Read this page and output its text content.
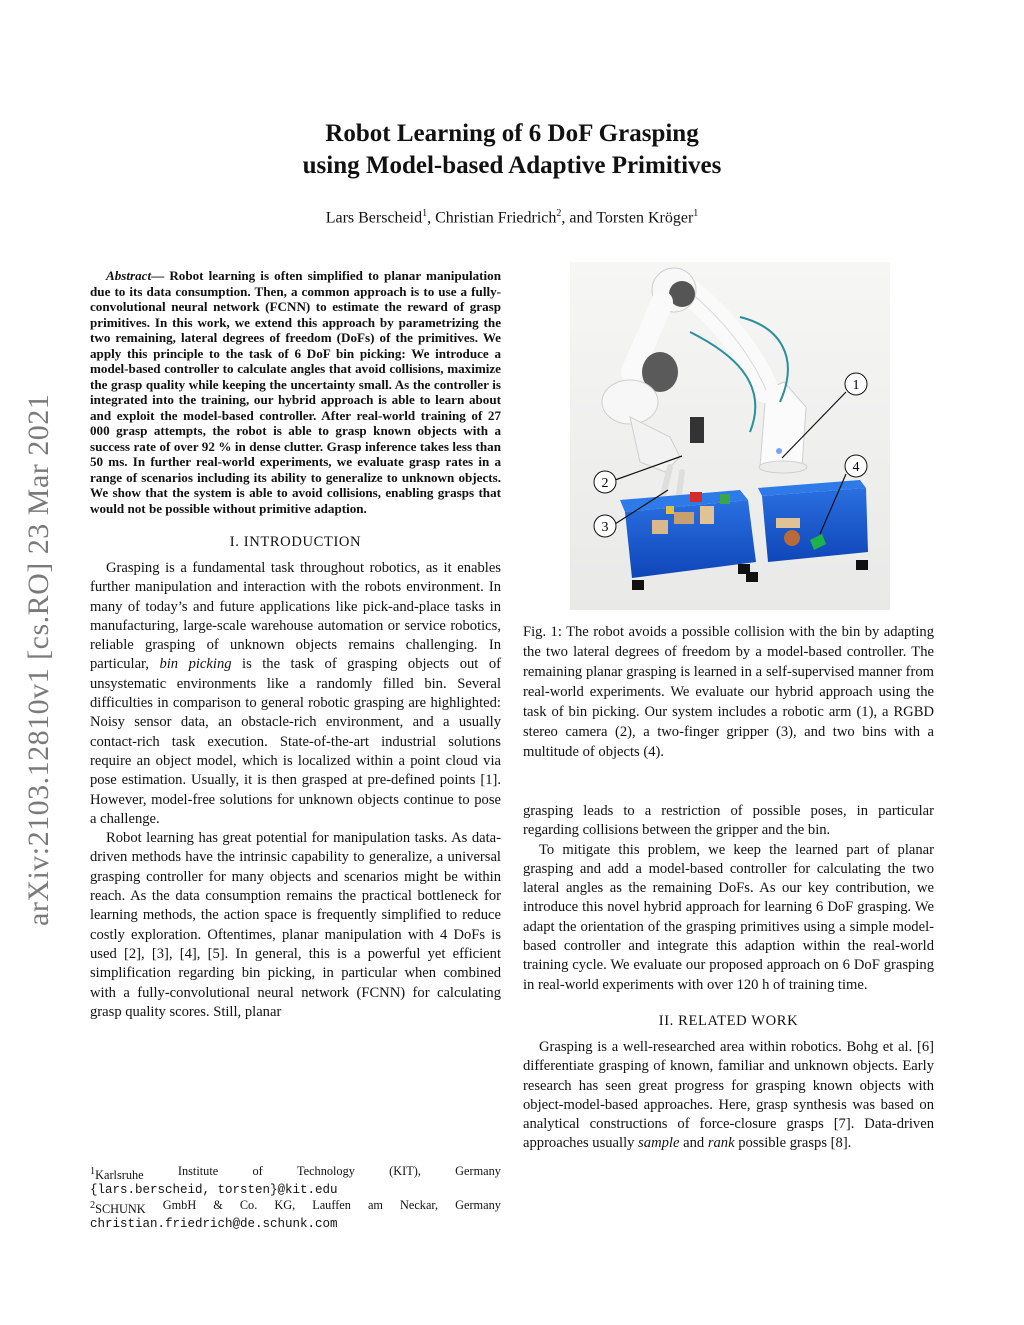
arXiv:2103.12810v1 [cs.RO] 23 Mar 2021
Robot Learning of 6 DoF Grasping
using Model-based Adaptive Primitives

Lars Berscheid$^1$, Christian Friedrich$^2$, and Torsten Kröger$^1$

Abstract— Robot learning is often simplified to planar manipulation due to its data consumption. Then, a common approach is to use a fully-convolutional neural network (FCNN) to estimate the reward of grasp primitives. In this work, we extend this approach by parametrizing the two remaining, lateral degrees of freedom (DoFs) of the primitives. We apply this principle to the task of 6 DoF bin picking: We introduce a model-based controller to calculate angles that avoid collisions, maximize the grasp quality while keeping the uncertainty small. As the controller is integrated into the training, our hybrid approach is able to learn about and exploit the model-based controller. After real-world training of 27 000 grasp attempts, the robot is able to grasp known objects with a success rate of over 92 % in dense clutter. Grasp inference takes less than 50 ms. In further real-world experiments, we evaluate grasp rates in a range of scenarios including its ability to generalize to unknown objects. We show that the system is able to avoid collisions, enabling grasps that would not be possible without primitive adaption.

I. INTRODUCTION

Grasping is a fundamental task throughout robotics, as it enables further manipulation and interaction with the robots environment. In many of today’s and future applications like pick-and-place tasks in manufacturing, large-scale warehouse automation or service robotics, reliable grasping of unknown objects remains challenging. In particular, bin picking is the task of grasping objects out of unsystematic environments like a randomly filled bin. Several difficulties in comparison to general robotic grasping are highlighted: Noisy sensor data, an obstacle-rich environment, and a usually contact-rich task execution. State-of-the-art industrial solutions require an object model, which is localized within a point cloud via pose estimation. Usually, it is then grasped at pre-defined points [1]. However, model-free solutions for unknown objects continue to pose a challenge.

Robot learning has great potential for manipulation tasks. As data-driven methods have the intrinsic capability to generalize, a universal grasping controller for many objects and scenarios might be within reach. As the data consumption remains the practical bottleneck for learning methods, the action space is frequently simplified to reduce costly exploration. Oftentimes, planar manipulation with 4 DoFs is used [2], [3], [4], [5]. In general, this is a powerful yet efficient simplification regarding bin picking, in particular when combined with a fully-convolutional neural network (FCNN) for calculating grasp quality scores. Still, planar

$^1$Karlsruhe	Institute	of	Technology	(KIT),	Germany
{lars.berscheid, torsten}@kit.edu
$^2$SCHUNK GmbH & Co. KG, Lauffen am Neckar, Germany
christian.friedrich@de.schunk.com
1
4
2
3

Fig. 1: The robot avoids a possible collision with the bin by adapting the two lateral degrees of freedom by a model-based controller. The remaining planar grasping is learned in a self-supervised manner from real-world experiments. We evaluate our hybrid approach using the task of bin picking. Our system includes a robotic arm (1), a RGBD stereo camera (2), a two-finger gripper (3), and two bins with a multitude of objects (4).

grasping leads to a restriction of possible poses, in particular regarding collisions between the gripper and the bin.

To mitigate this problem, we keep the learned part of planar grasping and add a model-based controller for calculating the two lateral angles as the remaining DoFs. As our key contribution, we introduce this novel hybrid approach for learning 6 DoF grasping. We adapt the orientation of the grasping primitives using a simple model-based controller and integrate this adaption within the real-world training cycle. We evaluate our proposed approach on 6 DoF grasping in real-world experiments with over 120 h of training time.

II. RELATED WORK

Grasping is a well-researched area within robotics. Bohg et al. [6] differentiate grasping of known, familiar and unknown objects. Early research has seen great progress for grasping known objects with object-model-based approaches. Here, grasp synthesis was based on analytical constructions of force-closure grasps [7]. Data-driven approaches usually sample and rank possible grasps [8].
